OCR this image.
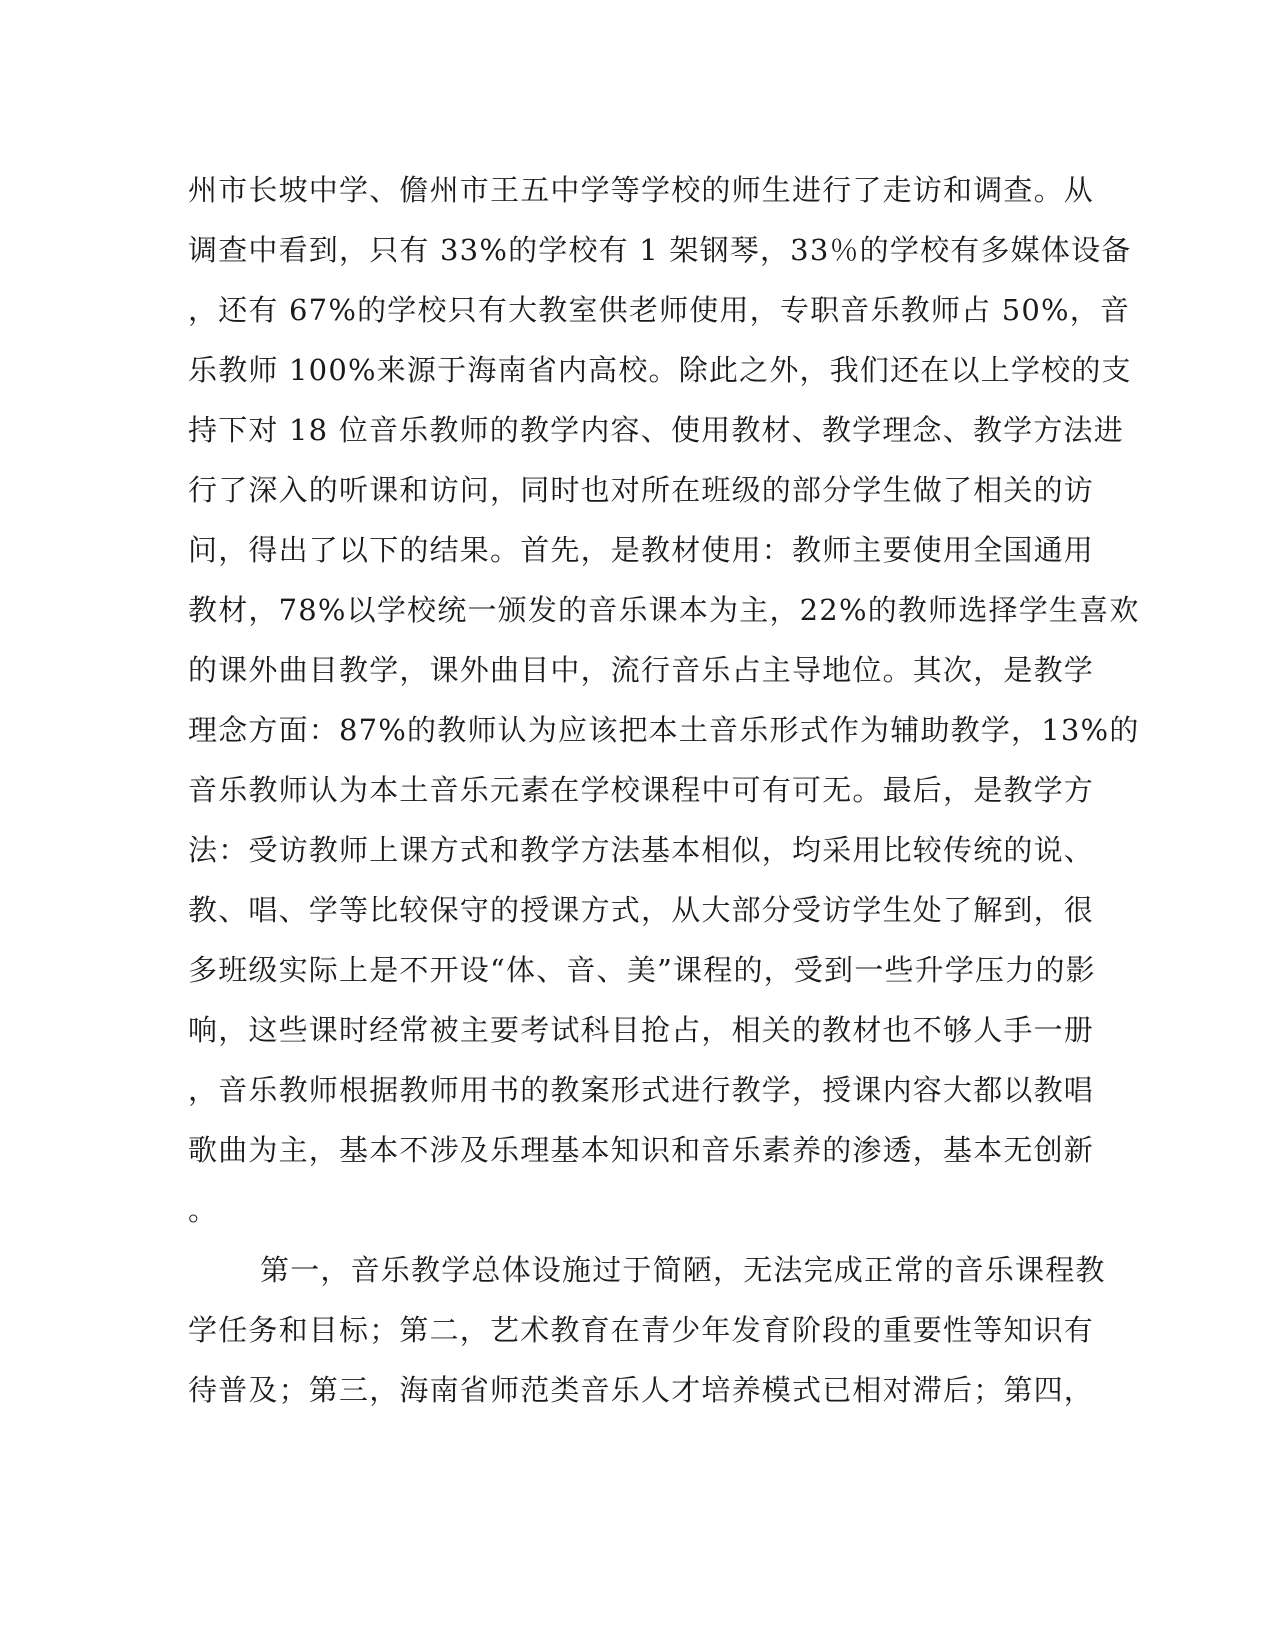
州市长坡中学、儋州市王五中学等学校的师生进行了走访和调查。从
调查中看到，只有 33%的学校有 1 架钢琴，33％的学校有多媒体设备
，还有 67%的学校只有大教室供老师使用，专职音乐教师占 50%，音
乐教师 100%来源于海南省内高校。除此之外，我们还在以上学校的支
持下对 18 位音乐教师的教学内容、使用教材、教学理念、教学方法进
行了深入的听课和访问，同时也对所在班级的部分学生做了相关的访
问，得出了以下的结果。首先，是教材使用：教师主要使用全国通用
教材，78%以学校统一颁发的音乐课本为主，22%的教师选择学生喜欢
的课外曲目教学，课外曲目中，流行音乐占主导地位。其次，是教学
理念方面：87%的教师认为应该把本土音乐形式作为辅助教学，13%的
音乐教师认为本土音乐元素在学校课程中可有可无。最后，是教学方
法：受访教师上课方式和教学方法基本相似，均采用比较传统的说、
教、唱、学等比较保守的授课方式，从大部分受访学生处了解到，很
多班级实际上是不开设“体、音、美”课程的，受到一些升学压力的影
响，这些课时经常被主要考试科目抢占，相关的教材也不够人手一册
，音乐教师根据教师用书的教案形式进行教学，授课内容大都以教唱
歌曲为主，基本不涉及乐理基本知识和音乐素养的渗透，基本无创新
。
第一，音乐教学总体设施过于简陋，无法完成正常的音乐课程教
学任务和目标；第二，艺术教育在青少年发育阶段的重要性等知识有
待普及；第三，海南省师范类音乐人才培养模式已相对滞后；第四，
